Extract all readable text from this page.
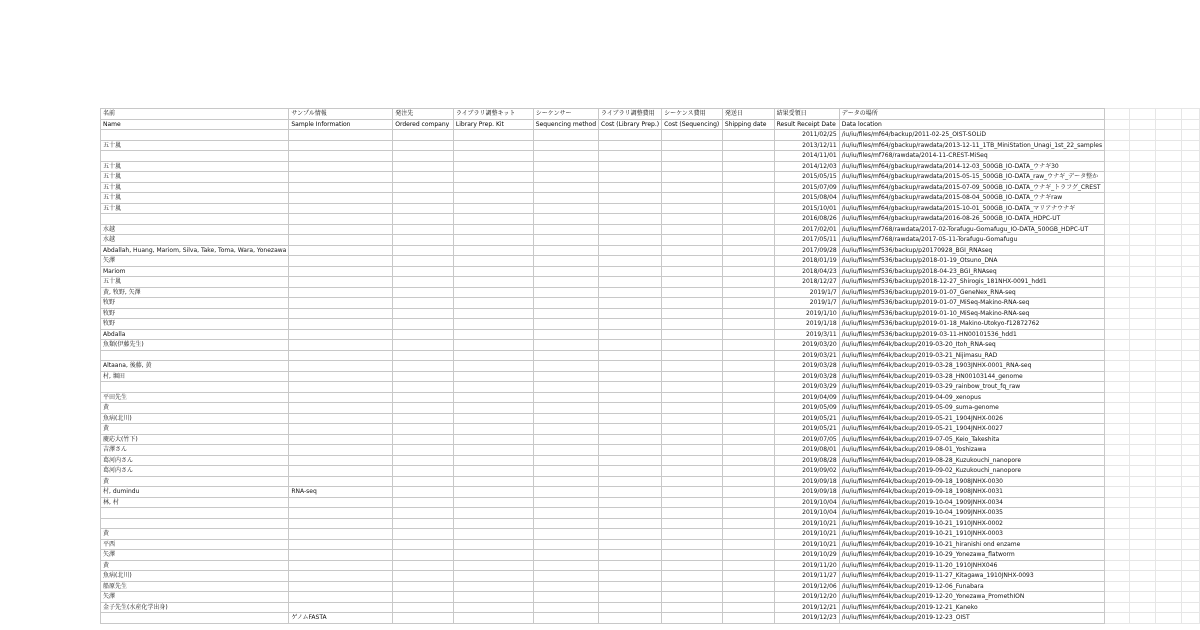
名前	サンプル情報	発注先	ライブラリ調整キット	シーケンサー	ライブラリ調整費用	シーケンス費用	発送日	結果受領日	データの場所				
Name	Sample Information	Ordered company	Library Prep. Kit	Sequencing method	Cost (Library Prep.)	Cost (Sequencing)	Shipping date	Result Receipt Date	Data location				
								2011/02/25	/iu/iu/files/mf64/backup/2011-02-25_OIST-SOLiD				
五十嵐								2013/12/11	/iu/iu/files/mf64/gbackup/rawdata/2013-12-11_1TB_MiniStation_Unagi_1st_22_samples				
								2014/11/01	/iu/iu/files/mf768/rawdata/2014-11-CREST-MiSeq				
五十嵐								2014/12/03	/iu/iu/files/mf64/gbackup/rawdata/2014-12-03_500GB_IO-DATA_ウナギ30				
五十嵐								2015/05/15	/iu/iu/files/mf64/gbackup/rawdata/2015-05-15_500GB_IO-DATA_raw_ウナギ_データ整か				
五十嵐								2015/07/09	/iu/iu/files/mf64/gbackup/rawdata/2015-07-09_500GB_IO-DATA_ウナギ_トラフグ_CREST				
五十嵐								2015/08/04	/iu/iu/files/mf64/gbackup/rawdata/2015-08-04_500GB_IO-DATA_ウナギraw				
五十嵐								2015/10/01	/iu/iu/files/mf64/gbackup/rawdata/2015-10-01_500GB_IO-DATA_マリアナウナギ				
								2016/08/26	/iu/iu/files/mf64/gbackup/rawdata/2016-08-26_500GB_IO-DATA_HDPC-UT				
水越								2017/02/01	/iu/iu/files/mf768/rawdata/2017-02-Torafugu-Gomafugu_IO-DATA_500GB_HDPC-UT				
水越								2017/05/11	/iu/iu/files/mf768/rawdata/2017-05-11-Torafugu-Gomafugu				
Abdallah, Huang, Mariom, Silva, Take, Toma, Wara, Yonezawa								2017/09/28	/iu/iu/files/mf536/backup/p20170928_BGI_RNAseq				
矢澤								2018/01/19	/iu/iu/files/mf536/backup/p2018-01-19_Otsuno_DNA				
Mariom								2018/04/23	/iu/iu/files/mf536/backup/p2018-04-23_BGI_RNAseq				
五十嵐								2018/12/27	/iu/iu/files/mf536/backup/p2018-12-27_Shirogis_181NHX-0091_hdd1				
黄, 牧野, 矢澤								2019/1/7	/iu/iu/files/mf536/backup/p2019-01-07_GeneNex_RNA-seq				
牧野								2019/1/7	/iu/iu/files/mf536/backup/p2019-01-07_MiSeq-Makino-RNA-seq				
牧野								2019/1/10	/iu/iu/files/mf536/backup/p2019-01-10_MiSeq-Makino-RNA-seq				
牧野								2019/1/18	/iu/iu/files/mf536/backup/p2019-01-18_Makino-Utokyo-f12872762				
Abdalla								2019/3/11	/iu/iu/files/mf536/backup/p2019-03-11-HN00101536_hdd1				
魚類(伊藤先生)								2019/03/20	/iu/iu/files/mf64k/backup/2019-03-20_Itoh_RNA-seq				
								2019/03/21	/iu/iu/files/mf64k/backup/2019-03-21_Nijimasu_RAD				
Altaana, 後藤, 黄								2019/03/28	/iu/iu/files/mf64k/backup/2019-03-28_1903JNHX-0001_RNA-seq				
村, 堀田								2019/03/28	/iu/iu/files/mf64k/backup/2019-03-28_HN00103144_genome				
								2019/03/29	/iu/iu/files/mf64k/backup/2019-03-29_rainbow_trout_fq_raw				
平田先生								2019/04/09	/iu/iu/files/mf64k/backup/2019-04-09_xenopus				
黄								2019/05/09	/iu/iu/files/mf64k/backup/2019-05-09_suma-genome				
魚病(北川)								2019/05/21	/iu/iu/files/mf64k/backup/2019-05-21_1904JNHX-0026				
黄								2019/05/21	/iu/iu/files/mf64k/backup/2019-05-21_1904JNHX-0027				
慶応大(竹下)								2019/07/05	/iu/iu/files/mf64k/backup/2019-07-05_Keio_Takeshita				
吉澤さん								2019/08/01	/iu/iu/files/mf64k/backup/2019-08-01_Yoshizawa				
葛河内さん								2019/08/28	/iu/iu/files/mf64k/backup/2019-08-28_Kuzukouchi_nanopore				
葛河内さん								2019/09/02	/iu/iu/files/mf64k/backup/2019-09-02_Kuzukouchi_nanopore				
黄								2019/09/18	/iu/iu/files/mf64k/backup/2019-09-18_1908JNHX-0030				
村, dumindu	RNA-seq							2019/09/18	/iu/iu/files/mf64k/backup/2019-09-18_1908JNHX-0031				
林, 村								2019/10/04	/iu/iu/files/mf64k/backup/2019-10-04_1909JNHX-0034				
								2019/10/04	/iu/iu/files/mf64k/backup/2019-10-04_1909JNHX-0035				
								2019/10/21	/iu/iu/files/mf64k/backup/2019-10-21_1910JNHX-0002				
黄								2019/10/21	/iu/iu/files/mf64k/backup/2019-10-21_1910JNHX-0003				
平西								2019/10/21	/iu/iu/files/mf64k/backup/2019-10-21_hiranishi ond enzame				
矢澤								2019/10/29	/iu/iu/files/mf64k/backup/2019-10-29_Yonezawa_flatworm				
黄								2019/11/20	/iu/iu/files/mf64k/backup/2019-11-20_1910JNHX046				
魚病(北川)								2019/11/27	/iu/iu/files/mf64k/backup/2019-11-27_Kitagawa_1910JNHX-0093				
船原先生								2019/12/06	/iu/iu/files/mf64k/backup/2019-12-06_Funabara				
矢澤								2019/12/20	/iu/iu/files/mf64k/backup/2019-12-20_Yonezawa_PromethION				
金子先生(水産化学出身)								2019/12/21	/iu/iu/files/mf64k/backup/2019-12-21_Kaneko				
	ゲノムFASTA							2019/12/23	/iu/iu/files/mf64k/backup/2019-12-23_OIST				
